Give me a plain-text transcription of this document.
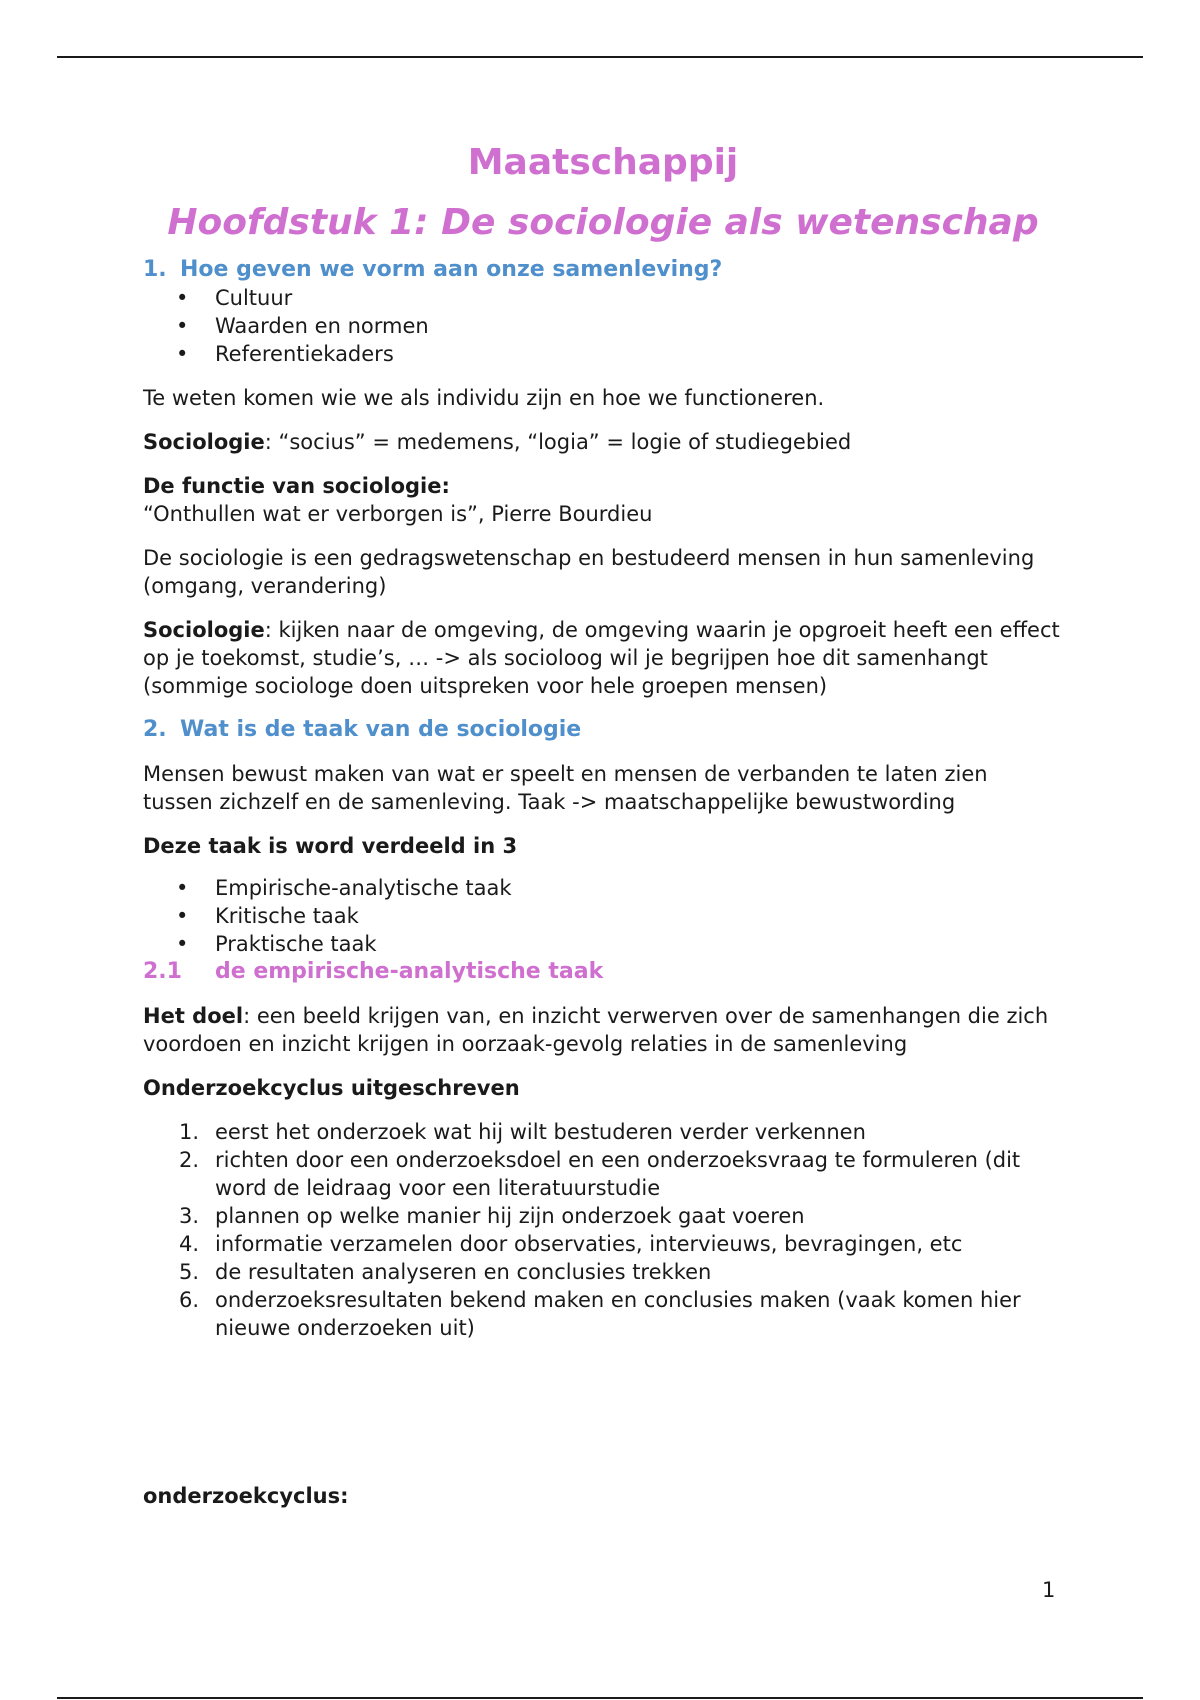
Maatschappij
Hoofdstuk 1: De sociologie als wetenschap
1. Hoe geven we vorm aan onze samenleving?
•	Cultuur
•	Waarden en normen
•	Referentiekaders

Te weten komen wie we als individu zijn en hoe we functioneren.

Sociologie: “socius” = medemens, “logia” = logie of studiegebied

De functie van sociologie:

“Onthullen wat er verborgen is”, Pierre Bourdieu

De sociologie is een gedragswetenschap en bestudeerd mensen in hun samenleving (omgang, verandering)

Sociologie: kijken naar de omgeving, de omgeving waarin je opgroeit heeft een effect op je toekomst, studie’s, … -> als socioloog wil je begrijpen hoe dit samenhangt (sommige sociologe doen uitspreken voor hele groepen mensen)

2. Wat is de taak van de sociologie

Mensen bewust maken van wat er speelt en mensen de verbanden te laten zien tussen zichzelf en de samenleving. Taak -> maatschappelijke bewustwording

Deze taak is word verdeeld in 3

•	Empirische-analytische taak
•	Kritische taak
•	Praktische taak
2.1	de empirische-analytische taak

Het doel: een beeld krijgen van, en inzicht verwerven over de samenhangen die zich voordoen en inzicht krijgen in oorzaak-gevolg relaties in de samenleving

Onderzoekcyclus uitgeschreven

1. eerst het onderzoek wat hij wilt bestuderen verder verkennen
2. richten door een onderzoeksdoel en een onderzoeksvraag te formuleren (dit word de leidraag voor een literatuurstudie
3. plannen op welke manier hij zijn onderzoek gaat voeren
4. informatie verzamelen door observaties, intervieuws, bevragingen, etc
5. de resultaten analyseren en conclusies trekken
6. onderzoeksresultaten bekend maken en conclusies maken (vaak komen hier nieuwe onderzoeken uit)

onderzoekcyclus:

1
